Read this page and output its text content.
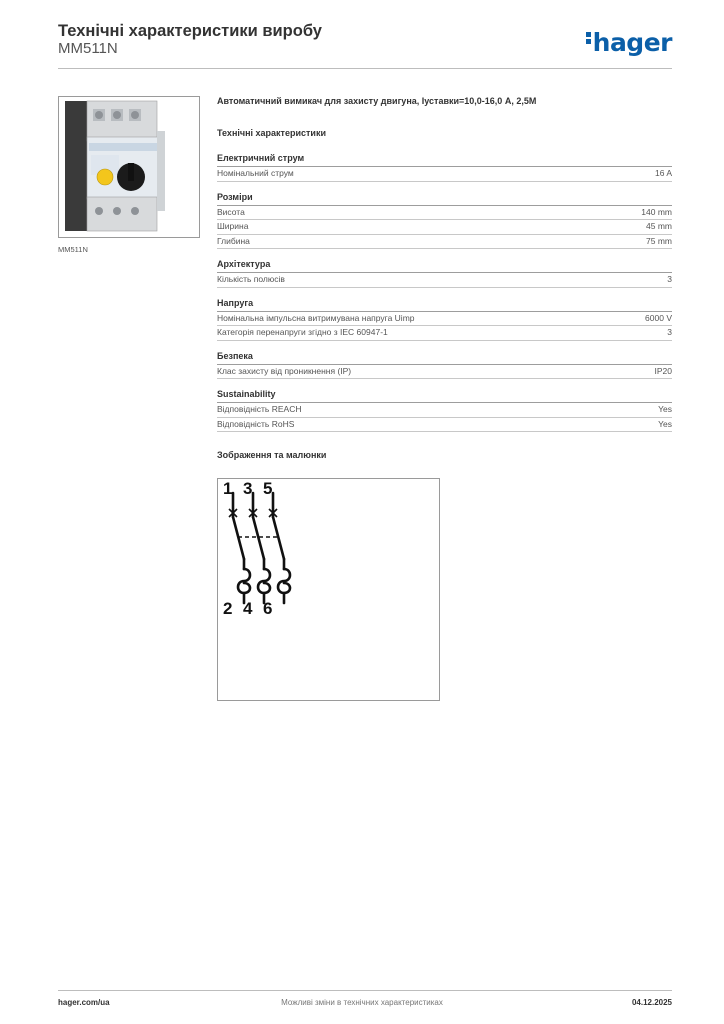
Технічні характеристики виробу
MM511N	hager
MM511N
Автоматичний вимикач для захисту двигуна, Іуставки=10,0-16,0 А, 2,5М
Технічні характеристики
Електричний струм
Номінальний струм	16 A
Розміри
Висота	140 mm
Ширина	45 mm
Глибина	75 mm
Архітектура
Кількість полюсів	3
Напруга
Номінальна імпульсна витримувана напруга Uimp	6000 V
Категорія перенапруги згідно з IEC 60947-1	3
Безпека
Клас захисту від проникнення (IP)	IP20
Sustainability
Відповідність REACH	Yes
Відповідність RoHS	Yes
Зображення та малюнки
1 3 5
2 4 6
hager.com/ua	Можливі зміни в технічних характеристиках	04.12.2025
